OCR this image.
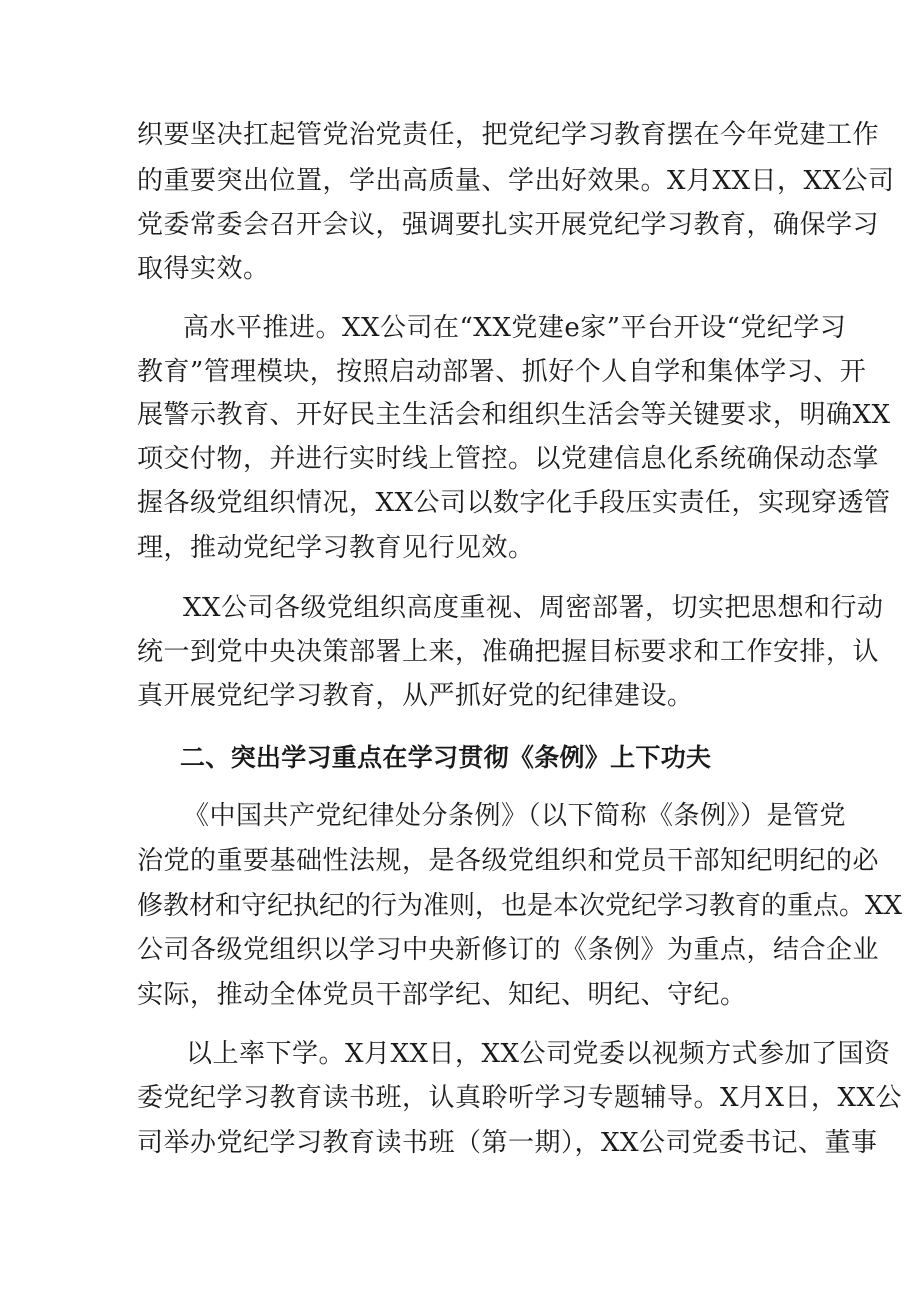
织要坚决扛起管党治党责任，把党纪学习教育摆在今年党建工作
的重要突出位置，学出高质量、学出好效果。X月XX日，XX公司
党委常委会召开会议，强调要扎实开展党纪学习教育，确保学习
取得实效。
高水平推进。XX公司在“XX党建e家”平台开设“党纪学习
教育”管理模块，按照启动部署、抓好个人自学和集体学习、开
展警示教育、开好民主生活会和组织生活会等关键要求，明确XX
项交付物，并进行实时线上管控。以党建信息化系统确保动态掌
握各级党组织情况，XX公司以数字化手段压实责任，实现穿透管
理，推动党纪学习教育见行见效。
XX公司各级党组织高度重视、周密部署，切实把思想和行动
统一到党中央决策部署上来，准确把握目标要求和工作安排，认
真开展党纪学习教育，从严抓好党的纪律建设。
二、突出学习重点在学习贯彻《条例》上下功夫
《中国共产党纪律处分条例》（以下简称《条例》）是管党
治党的重要基础性法规，是各级党组织和党员干部知纪明纪的必
修教材和守纪执纪的行为准则，也是本次党纪学习教育的重点。XX
公司各级党组织以学习中央新修订的《条例》为重点，结合企业
实际，推动全体党员干部学纪、知纪、明纪、守纪。
以上率下学。X月XX日，XX公司党委以视频方式参加了国资
委党纪学习教育读书班，认真聆听学习专题辅导。X月X日，XX公
司举办党纪学习教育读书班（第一期），XX公司党委书记、董事
